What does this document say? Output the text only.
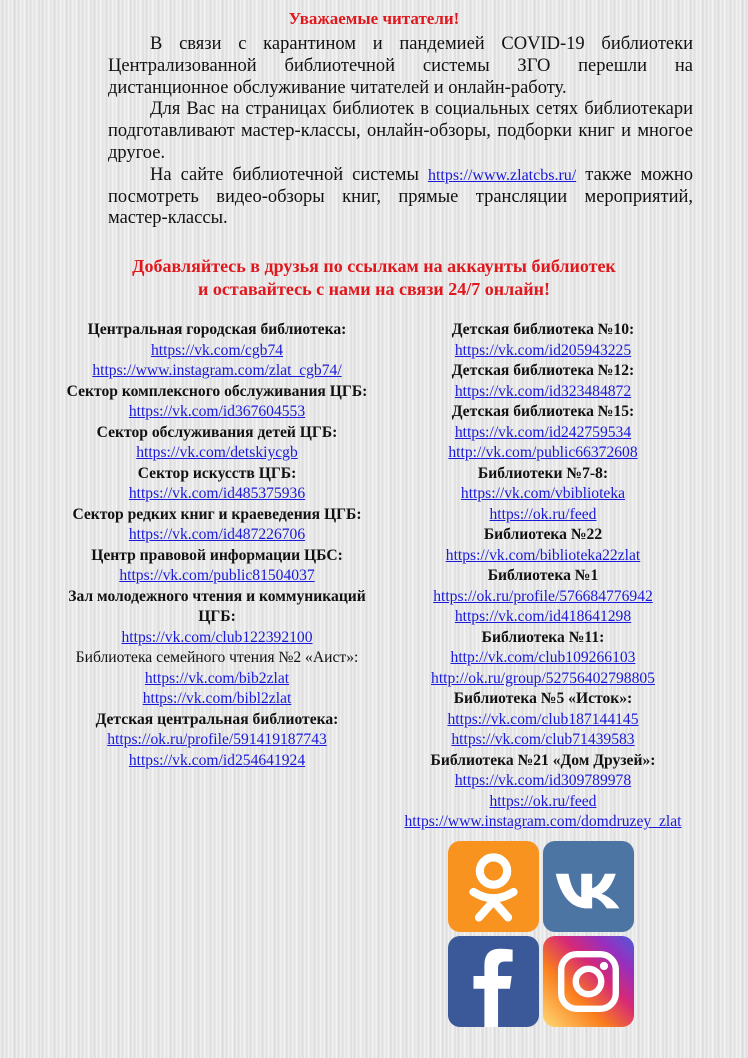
Уважаемые читатели!

В связи с карантином и пандемией COVID-19 библиотеки Централизованной библиотечной системы ЗГО перешли на дистанционное обслуживание читателей и онлайн-работу.

Для Вас на страницах библиотек в социальных сетях библиотекари подготавливают мастер-классы, онлайн-обзоры, подборки книг и многое другое.

На сайте библиотечной системы https://www.zlatcbs.ru/ также можно посмотреть видео-обзоры книг, прямые трансляции мероприятий, мастер-классы.

Добавляйтесь в друзья по ссылкам на аккаунты библиотек
и оставайтесь с нами на связи 24/7 онлайн!
Центральная городская библиотека:
https://vk.com/cgb74
https://www.instagram.com/zlat_cgb74/
Сектор комплексного обслуживания ЦГБ:
https://vk.com/id367604553
Сектор обслуживания детей ЦГБ:
https://vk.com/detskiycgb
Сектор искусств ЦГБ:
https://vk.com/id485375936
Сектор редких книг и краеведения ЦГБ:
https://vk.com/id487226706
Центр правовой информации ЦБС:
https://vk.com/public81504037
Зал молодежного чтения и коммуникаций ЦГБ:
https://vk.com/club122392100
Библиотека семейного чтения №2 «Аист»:
https://vk.com/bib2zlat
https://vk.com/bibl2zlat
Детская центральная библиотека:
https://ok.ru/profile/591419187743
https://vk.com/id254641924
Детская библиотека №10:
https://vk.com/id205943225
Детская библиотека №12:
https://vk.com/id323484872
Детская библиотека №15:
https://vk.com/id242759534
http://vk.com/public66372608
Библиотеки №7-8:
https://vk.com/vbiblioteka
https://ok.ru/feed
Библиотека №22
https://vk.com/biblioteka22zlat
Библиотека №1
https://ok.ru/profile/576684776942
https://vk.com/id418641298
Библиотека №11:
http://vk.com/club109266103
http://ok.ru/group/52756402798805
Библиотека №5 «Исток»:
https://vk.com/club187144145
https://vk.com/club71439583
Библиотека №21 «Дом Друзей»:
https://vk.com/id309789978
https://ok.ru/feed
https://www.instagram.com/domdruzey_zlat
